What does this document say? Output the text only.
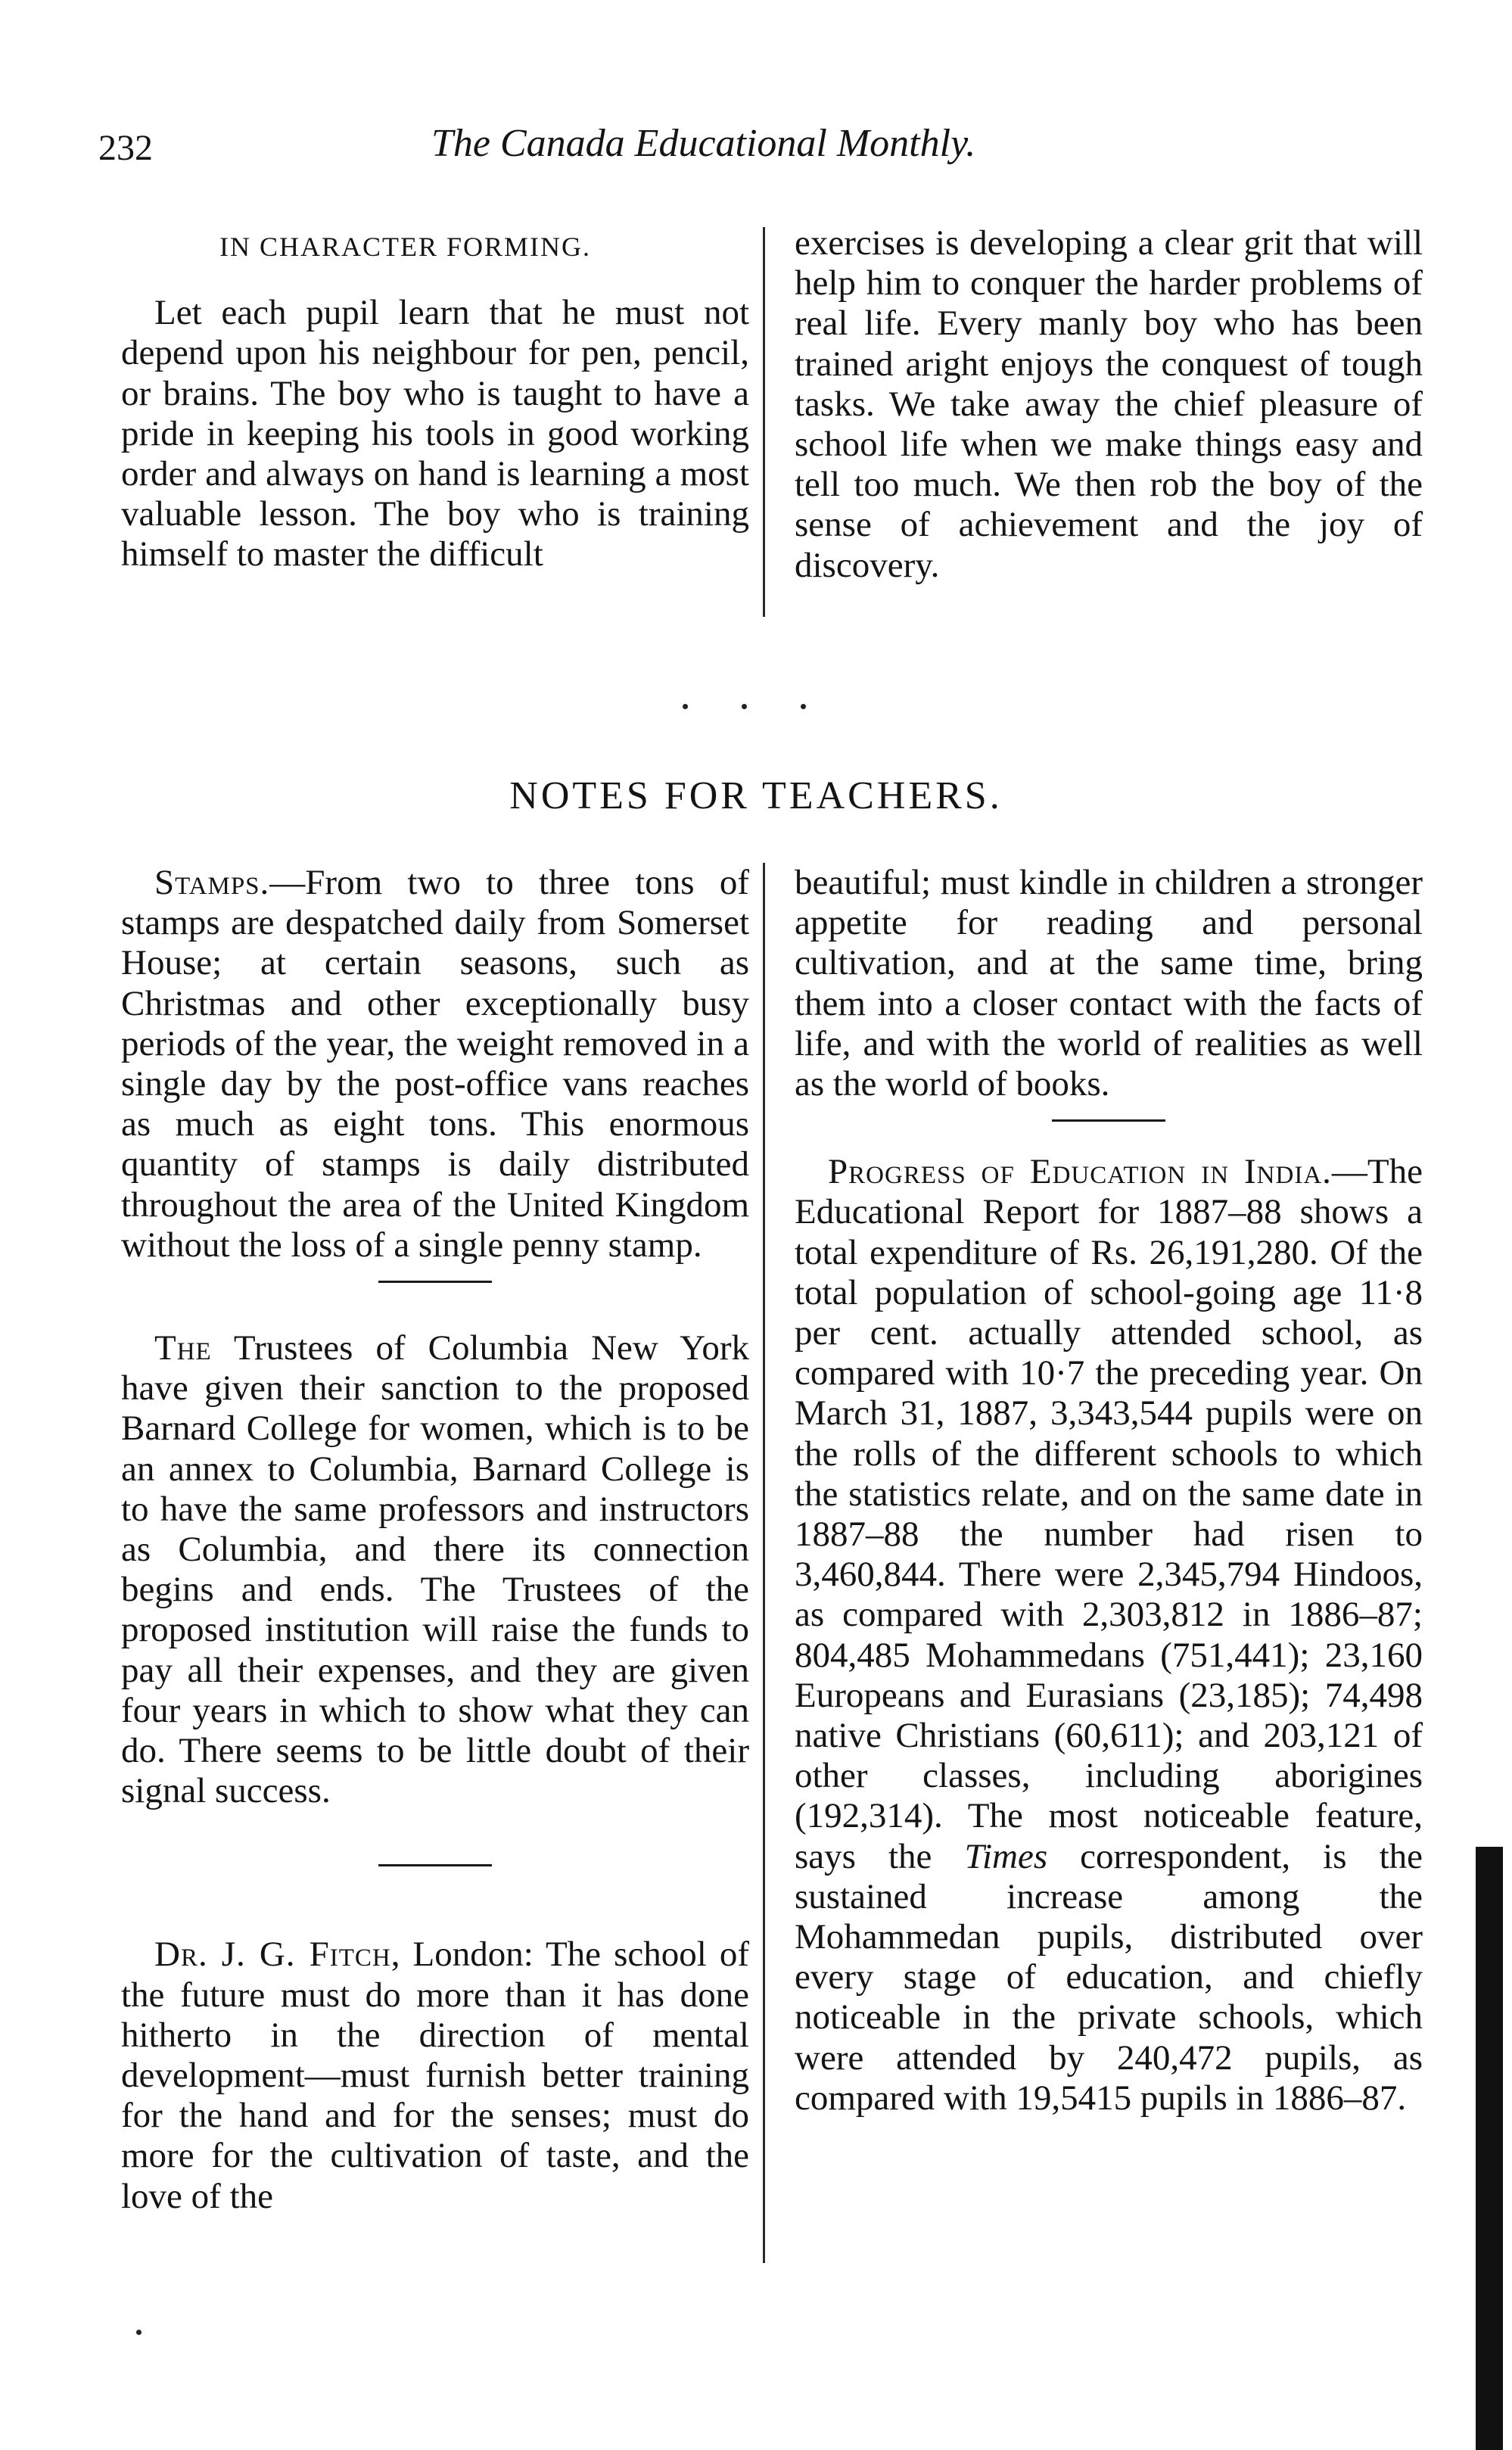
232	The Canada Educational Monthly.

IN CHARACTER FORMING.

Let each pupil learn that he must not depend upon his neighbour for pen, pencil, or brains. The boy who is taught to have a pride in keeping his tools in good working order and always on hand is learning a most valuable lesson. The boy who is training himself to master the difficult

exercises is developing a clear grit that will help him to conquer the harder problems of real life. Every manly boy who has been trained aright enjoys the conquest of tough tasks. We take away the chief pleasure of school life when we make things easy and tell too much. We then rob the boy of the sense of achievement and the joy of discovery.

NOTES FOR TEACHERS.

Stamps.—From two to three tons of stamps are despatched daily from Somerset House; at certain seasons, such as Christmas and other exceptionally busy periods of the year, the weight removed in a single day by the post-office vans reaches as much as eight tons. This enormous quantity of stamps is daily distributed throughout the area of the United Kingdom without the loss of a single penny stamp.

The Trustees of Columbia New York have given their sanction to the proposed Barnard College for women, which is to be an annex to Columbia, Barnard College is to have the same professors and instructors as Columbia, and there its connection begins and ends. The Trustees of the proposed institution will raise the funds to pay all their expenses, and they are given four years in which to show what they can do. There seems to be little doubt of their signal success.

Dr. J. G. Fitch, London: The school of the future must do more than it has done hitherto in the direction of mental development—must furnish better training for the hand and for the senses; must do more for the cultivation of taste, and the love of the

beautiful; must kindle in children a stronger appetite for reading and personal cultivation, and at the same time, bring them into a closer contact with the facts of life, and with the world of realities as well as the world of books.

Progress of Education in India.—The Educational Report for 1887–88 shows a total expenditure of Rs. 26,191,280. Of the total population of school-going age 11·8 per cent. actually attended school, as compared with 10·7 the preceding year. On March 31, 1887, 3,343,544 pupils were on the rolls of the different schools to which the statistics relate, and on the same date in 1887–88 the number had risen to 3,460,844. There were 2,345,794 Hindoos, as compared with 2,303,812 in 1886–87; 804,485 Mohammedans (751,441); 23,160 Europeans and Eurasians (23,185); 74,498 native Christians (60,611); and 203,121 of other classes, including aborigines (192,314). The most noticeable feature, says the Times correspondent, is the sustained increase among the Mohammedan pupils, distributed over every stage of education, and chiefly noticeable in the private schools, which were attended by 240,472 pupils, as compared with 19,5415 pupils in 1886–87.
